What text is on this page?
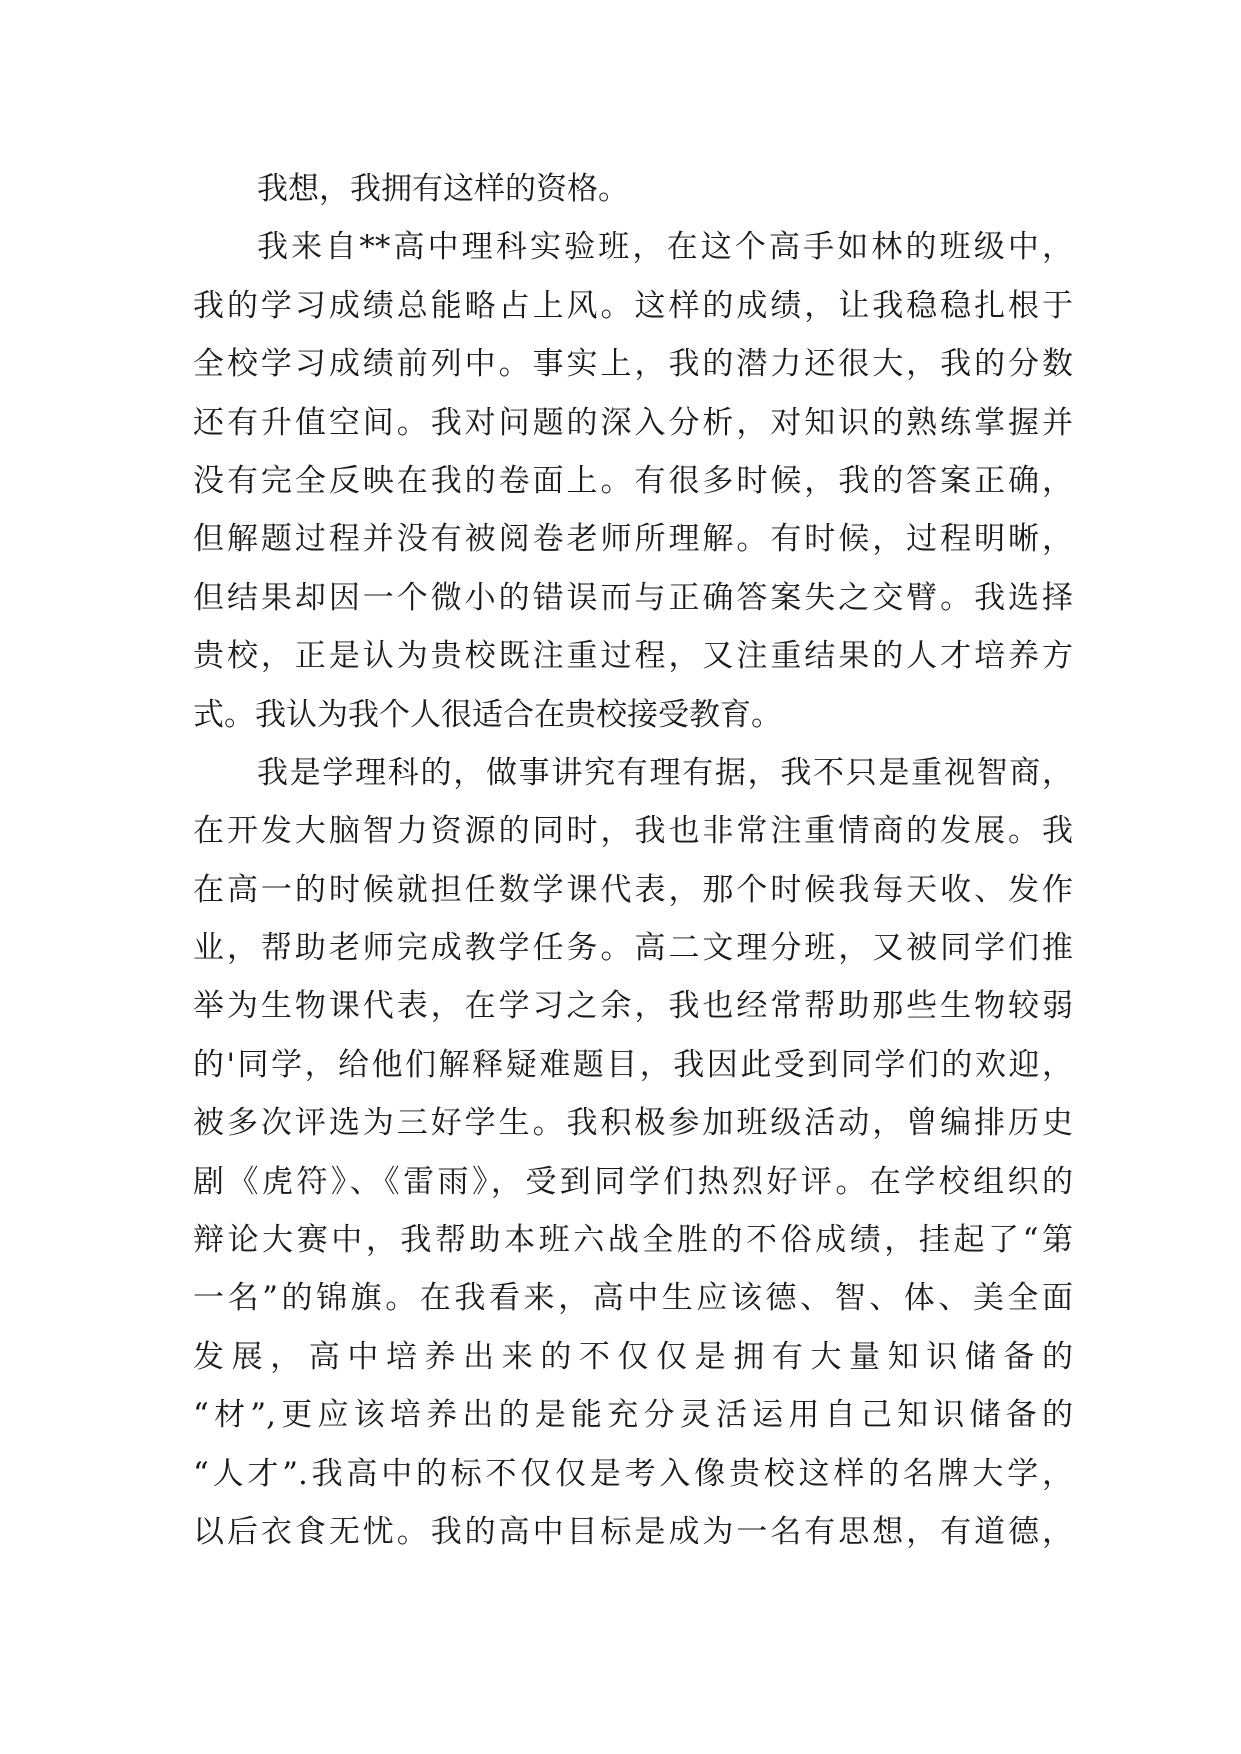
我想，我拥有这样的资格。
我来自**高中理科实验班，在这个高手如林的班级中，
我的学习成绩总能略占上风。这样的成绩，让我稳稳扎根于
全校学习成绩前列中。事实上，我的潜力还很大，我的分数
还有升值空间。我对问题的深入分析，对知识的熟练掌握并
没有完全反映在我的卷面上。有很多时候，我的答案正确，
但解题过程并没有被阅卷老师所理解。有时候，过程明晰，
但结果却因一个微小的错误而与正确答案失之交臂。我选择
贵校，正是认为贵校既注重过程，又注重结果的人才培养方
式。我认为我个人很适合在贵校接受教育。
我是学理科的，做事讲究有理有据，我不只是重视智商，
在开发大脑智力资源的同时，我也非常注重情商的发展。我
在高一的时候就担任数学课代表，那个时候我每天收、发作
业，帮助老师完成教学任务。高二文理分班，又被同学们推
举为生物课代表，在学习之余，我也经常帮助那些生物较弱
的'同学，给他们解释疑难题目，我因此受到同学们的欢迎，
被多次评选为三好学生。我积极参加班级活动，曾编排历史
剧《虎符》、《雷雨》，受到同学们热烈好评。在学校组织的
辩论大赛中，我帮助本班六战全胜的不俗成绩，挂起了“第
一名”的锦旗。在我看来，高中生应该德、智、体、美全面
发展，高中培养出来的不仅仅是拥有大量知识储备的
“材”,更应该培养出的是能充分灵活运用自己知识储备的
“人才”.我高中的标不仅仅是考入像贵校这样的名牌大学，
以后衣食无忧。我的高中目标是成为一名有思想，有道德，
